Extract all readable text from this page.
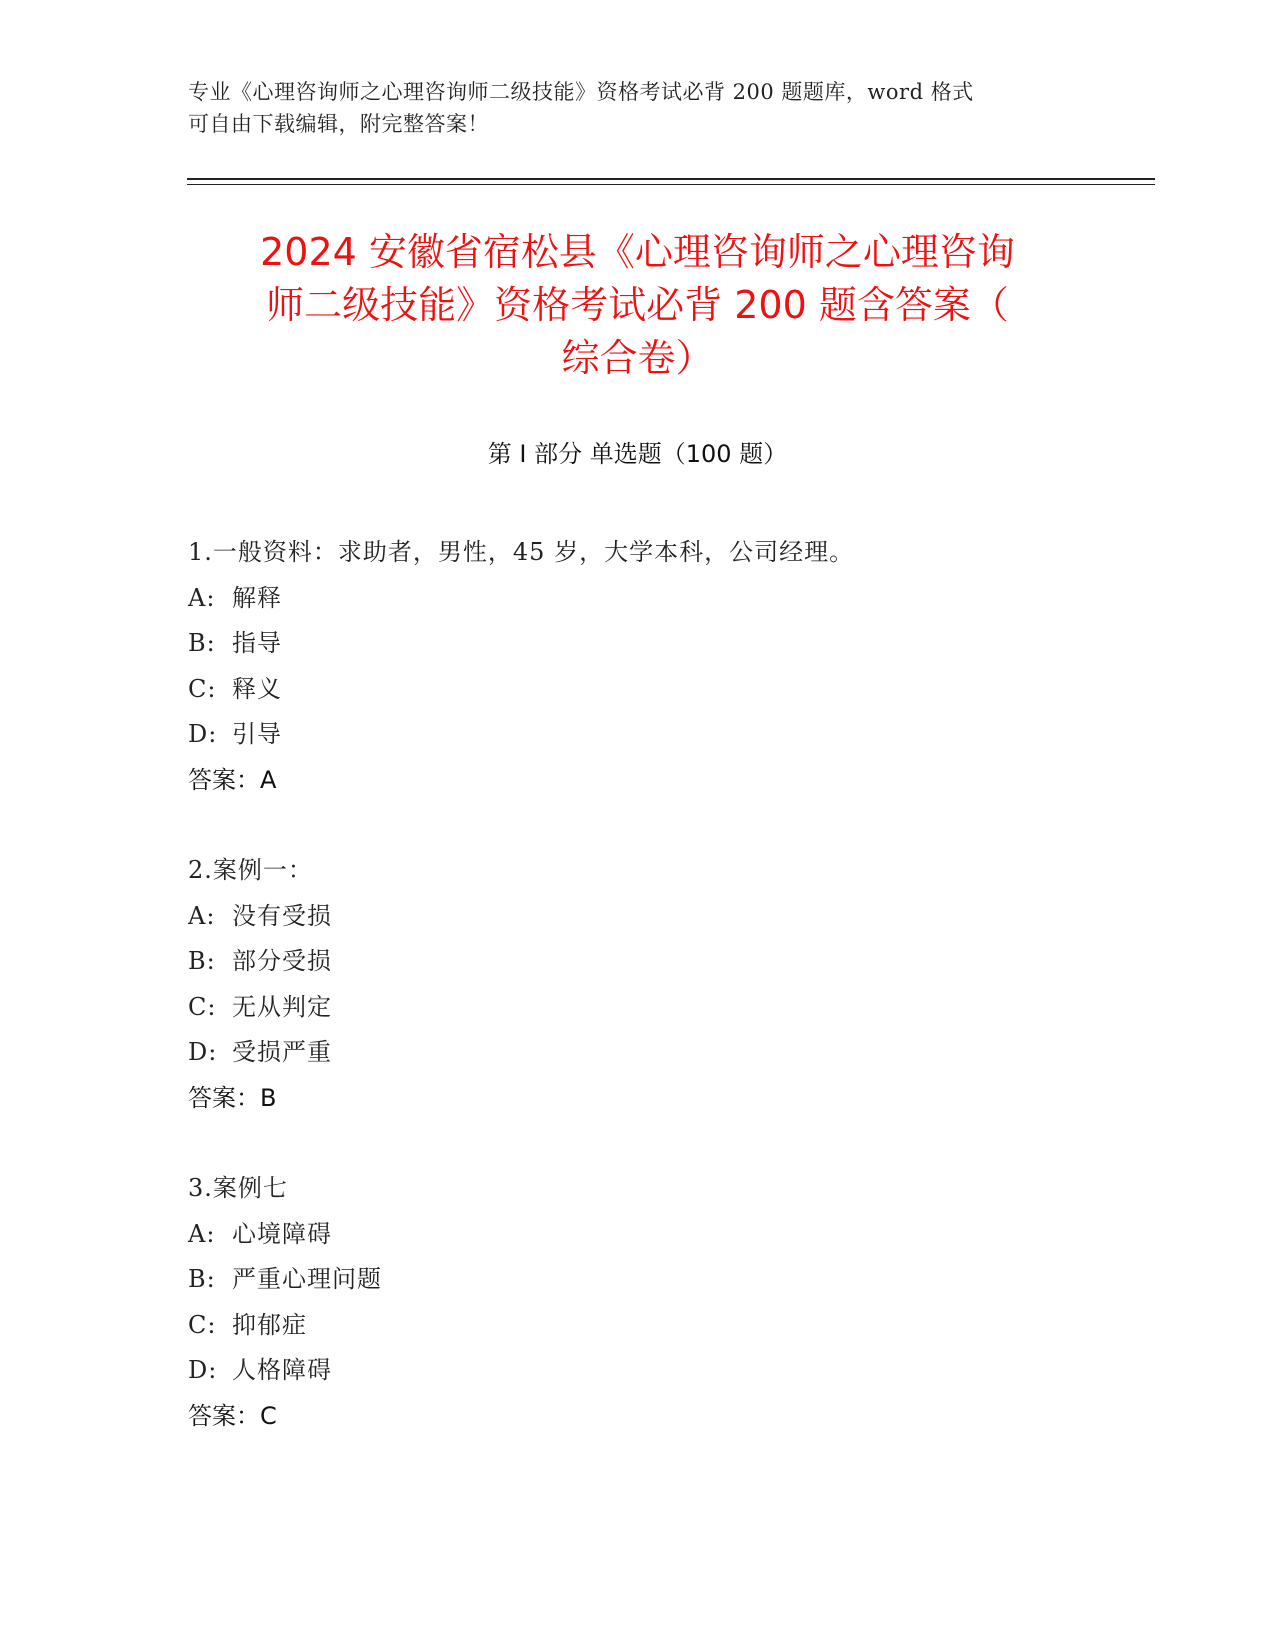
专业《心理咨询师之心理咨询师二级技能》资格考试必背 200 题题库，word 格式
可自由下载编辑，附完整答案！
2024 安徽省宿松县《心理咨询师之心理咨询
师二级技能》资格考试必背 200 题含答案（
综合卷）
第 I 部分 单选题（100 题）
1.一般资料：求助者，男性，45 岁，大学本科，公司经理。
A: 解释
B: 指导
C: 释义
D: 引导
答案：A
2.案例一：
A: 没有受损
B: 部分受损
C: 无从判定
D: 受损严重
答案：B
3.案例七
A: 心境障碍
B: 严重心理问题
C: 抑郁症
D: 人格障碍
答案：C
